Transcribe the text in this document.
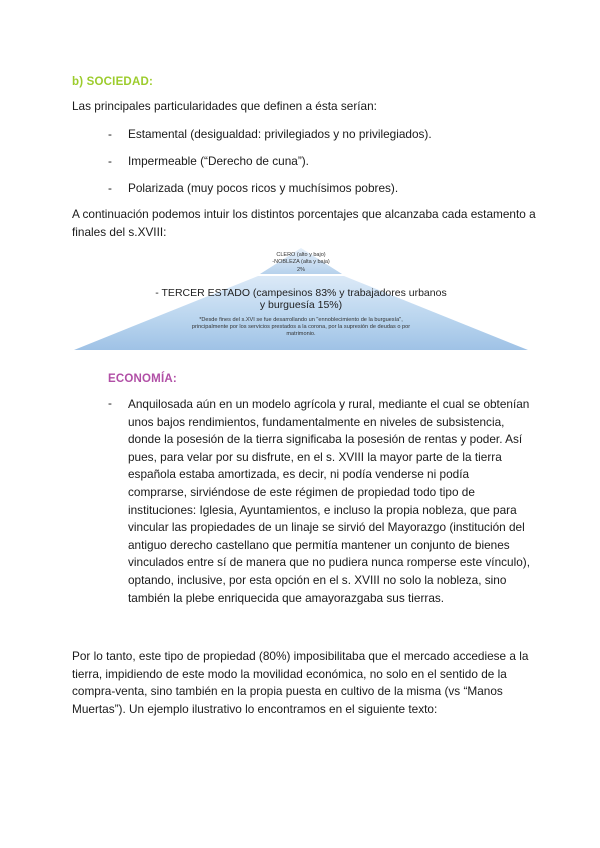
b) SOCIEDAD:
Las principales particularidades que definen a ésta serían:
- Estamental (desigualdad: privilegiados y no privilegiados).
- Impermeable (“Derecho de cuna”).
- Polarizada (muy pocos ricos y muchísimos pobres).
A continuación podemos intuir los distintos porcentajes que alcanzaba cada estamento a finales del s.XVIII:
CLERO (alto y bajo)
-NOBLEZA (alta y baja)
2%
- TERCER ESTADO (campesinos 83% y trabajadores urbanos
y burguesía 15%)
*Desde fines del s.XVI se fue desarrollando un "ennoblecimiento de la burguesía",
principalmente por los servicios prestados a la corona, por la supresión de deudas o por
matrimonio.
ECONOMÍA:
- Anquilosada aún en un modelo agrícola y rural, mediante el cual se obtenían unos bajos rendimientos, fundamentalmente en niveles de subsistencia, donde la posesión de la tierra significaba la posesión de rentas y poder. Así pues, para velar por su disfrute, en el s. XVIII la mayor parte de la tierra española estaba amortizada, es decir, ni podía venderse ni podía comprarse, sirviéndose de este régimen de propiedad todo tipo de instituciones: Iglesia, Ayuntamientos, e incluso la propia nobleza, que para vincular las propiedades de un linaje se sirvió del Mayorazgo (institución del antiguo derecho castellano que permitía mantener un conjunto de bienes vinculados entre sí de manera que no pudiera nunca romperse este vínculo), optando, inclusive, por esta opción en el s. XVIII no solo la nobleza, sino también la plebe enriquecida que amayorazgaba sus tierras.
Por lo tanto, este tipo de propiedad (80%) imposibilitaba que el mercado accediese a la tierra, impidiendo de este modo la movilidad económica, no solo en el sentido de la compra-venta, sino también en la propia puesta en cultivo de la misma (vs “Manos Muertas”). Un ejemplo ilustrativo lo encontramos en el siguiente texto:
